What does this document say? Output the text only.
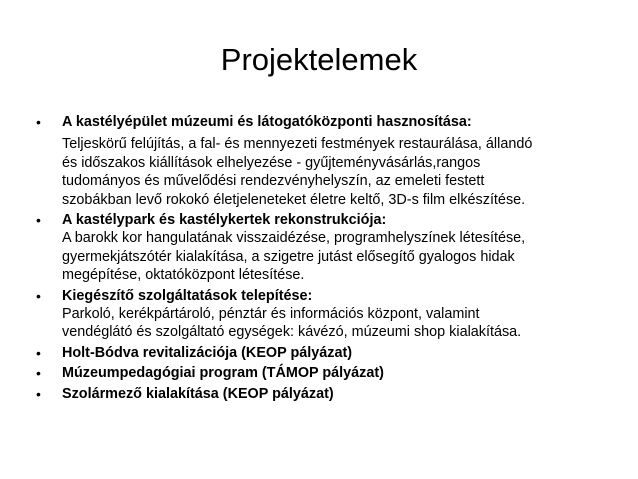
Projektelemek
•	A kastélyépület múzeumi és látogatóközponti hasznosítása:
Teljeskörű felújítás, a fal- és mennyezeti festmények restaurálása, állandó
és időszakos kiállítások elhelyezése - gyűjteményvásárlás,rangos
tudományos és művelődési rendezvényhelyszín, az emeleti festett
szobákban levő rokokó életjeleneteket életre keltő, 3D-s film elkészítése.
•	A kastélypark és kastélykertek rekonstrukciója:
A barokk kor hangulatának visszaidézése, programhelyszínek létesítése,
gyermekjátszótér kialakítása, a szigetre jutást elősegítő gyalogos hidak
megépítése, oktatóközpont létesítése.
•	Kiegészítő szolgáltatások telepítése:
Parkoló, kerékpártároló, pénztár és információs központ, valamint
vendéglátó és szolgáltató egységek: kávézó, múzeumi shop kialakítása.
•	Holt-Bódva revitalizációja (KEOP pályázat)
•	Múzeumpedagógiai program (TÁMOP pályázat)
•	Szolármező kialakítása (KEOP pályázat)
